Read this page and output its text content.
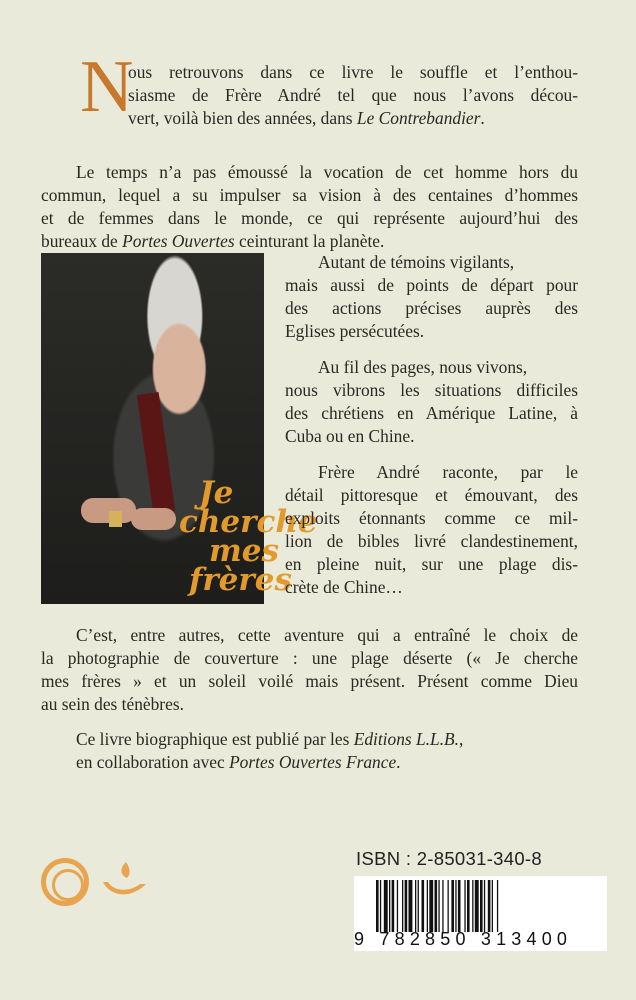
N
ous retrouvons dans ce livre le souffle et l’enthou-
siasme de Frère André tel que nous l’avons décou-
vert, voilà bien des années, dans Le Contrebandier.
Le temps n’a pas émoussé la vocation de cet homme hors du
commun, lequel a su impulser sa vision à des centaines d’hommes
et de femmes dans le monde, ce qui représente aujourd’hui des
bureaux de Portes Ouvertes ceinturant la planète.
Je
cherche
mes
frères
Autant de témoins vigilants,
mais aussi de points de départ pour
des actions précises auprès des
Eglises persécutées.
Au fil des pages, nous vivons,
nous vibrons les situations difficiles
des chrétiens en Amérique Latine, à
Cuba ou en Chine.
Frère André raconte, par le
détail pittoresque et émouvant, des
exploits étonnants comme ce mil-
lion de bibles livré clandestinement,
en pleine nuit, sur une plage dis-
crète de Chine…
C’est, entre autres, cette aventure qui a entraîné le choix de
la photographie de couverture : une plage déserte (« Je cherche
mes frères » et un soleil voilé mais présent. Présent comme Dieu
au sein des ténèbres.
Ce livre biographique est publié par les Editions L.L.B.,
en collaboration avec Portes Ouvertes France.
ISBN : 2-85031-340-8
9 782850 313400
